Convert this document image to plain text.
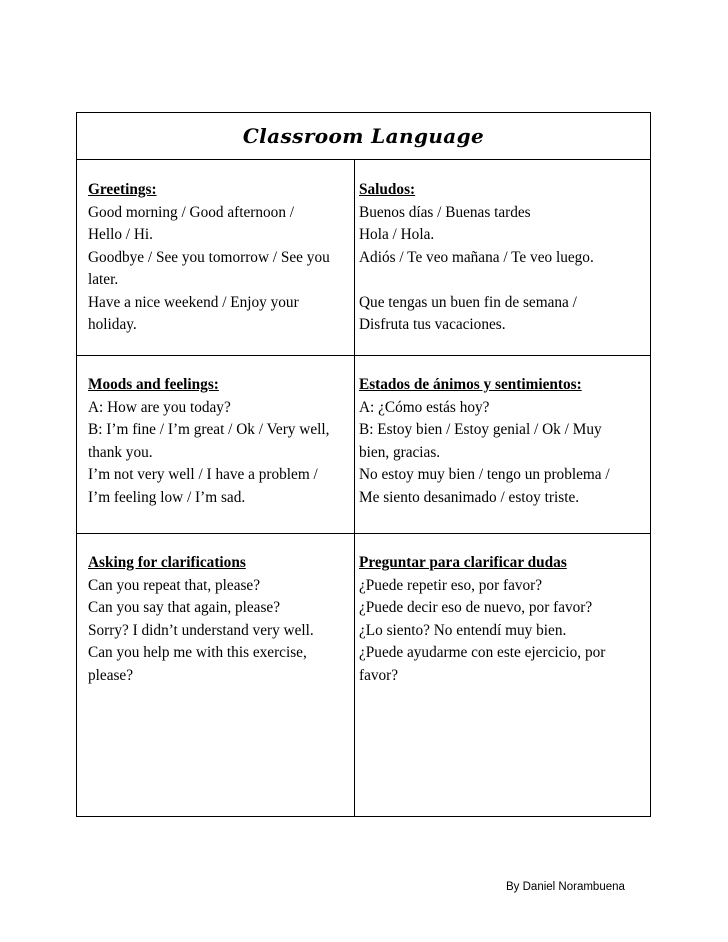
Classroom Language
Greetings:
Good morning / Good afternoon /
Hello / Hi.
Goodbye / See you tomorrow / See you
later.
Have a nice weekend / Enjoy your
holiday.
Saludos:
Buenos días / Buenas tardes
Hola / Hola.
Adiós / Te veo mañana / Te veo luego.
Que tengas un buen fin de semana /
Disfruta tus vacaciones.
Moods and feelings:
A: How are you today?
B: I’m fine / I’m great / Ok / Very well,
thank you.
I’m not very well / I have a problem /
I’m feeling low / I’m sad.
Estados de ánimos y sentimientos:
A: ¿Cómo estás hoy?
B: Estoy bien / Estoy genial / Ok / Muy
bien, gracias.
No estoy muy bien / tengo un problema /
Me siento desanimado / estoy triste.
Asking for clarifications
Can you repeat that, please?
Can you say that again, please?
Sorry? I didn’t understand very well.
Can you help me with this exercise,
please?
Preguntar para clarificar dudas
¿Puede repetir eso, por favor?
¿Puede decir eso de nuevo, por favor?
¿Lo siento? No entendí muy bien.
¿Puede ayudarme con este ejercicio, por
favor?
By Daniel Norambuena
